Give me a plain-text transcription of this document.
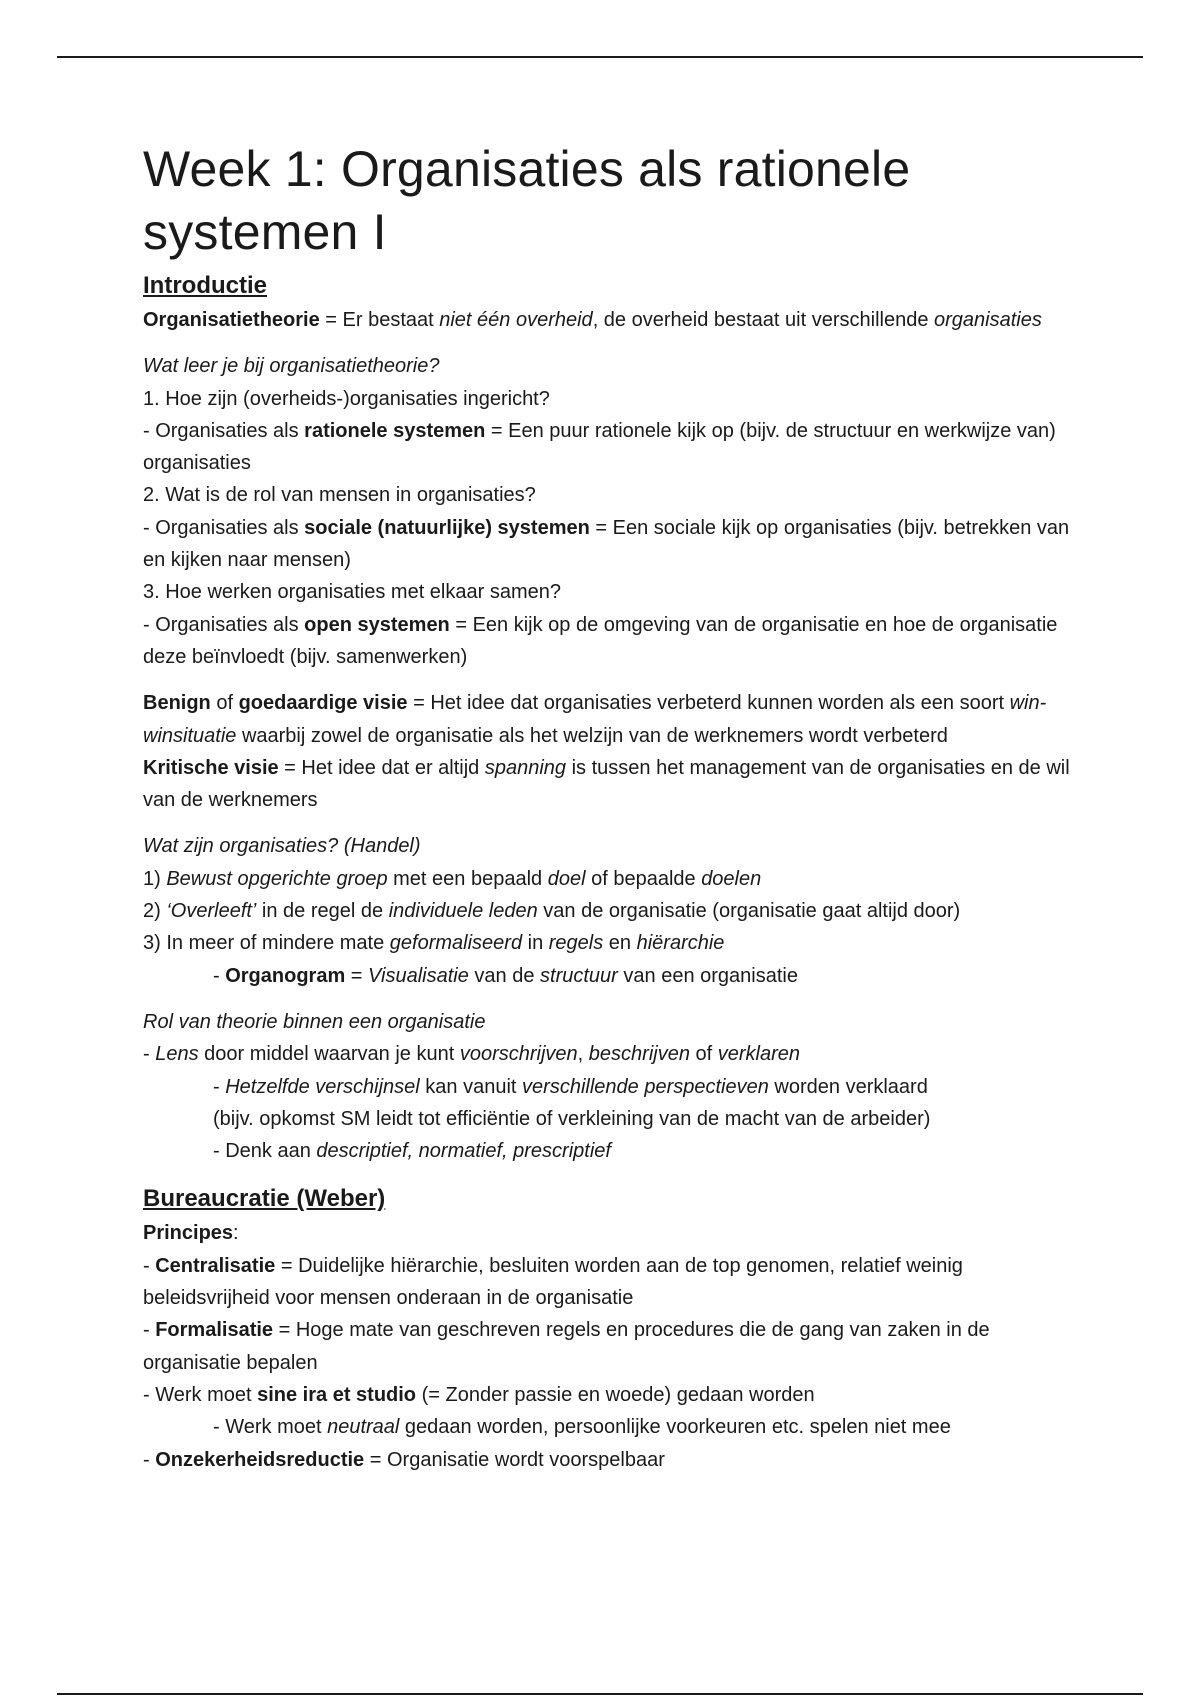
Week 1: Organisaties als rationele systemen I
Introductie

Organisatietheorie = Er bestaat niet één overheid, de overheid bestaat uit verschillende organisaties

Wat leer je bij organisatietheorie?

1. Hoe zijn (overheids-)organisaties ingericht?

- Organisaties als rationele systemen = Een puur rationele kijk op (bijv. de structuur en werkwijze van) organisaties

2. Wat is de rol van mensen in organisaties?

- Organisaties als sociale (natuurlijke) systemen = Een sociale kijk op organisaties (bijv. betrekken van en kijken naar mensen)

3. Hoe werken organisaties met elkaar samen?

- Organisaties als open systemen = Een kijk op de omgeving van de organisatie en hoe de organisatie deze beïnvloedt (bijv. samenwerken)

Benign of goedaardige visie = Het idee dat organisaties verbeterd kunnen worden als een soort win-winsituatie waarbij zowel de organisatie als het welzijn van de werknemers wordt verbeterd

Kritische visie = Het idee dat er altijd spanning is tussen het management van de organisaties en de wil van de werknemers

Wat zijn organisaties? (Handel)

1) Bewust opgerichte groep met een bepaald doel of bepaalde doelen

2) ‘Overleeft’ in de regel de individuele leden van de organisatie (organisatie gaat altijd door)

3) In meer of mindere mate geformaliseerd in regels en hiërarchie

- Organogram = Visualisatie van de structuur van een organisatie

Rol van theorie binnen een organisatie

- Lens door middel waarvan je kunt voorschrijven, beschrijven of verklaren

- Hetzelfde verschijnsel kan vanuit verschillende perspectieven worden verklaard

(bijv. opkomst SM leidt tot efficiëntie of verkleining van de macht van de arbeider)

- Denk aan descriptief, normatief, prescriptief

Bureaucratie (Weber)

Principes:

- Centralisatie = Duidelijke hiërarchie, besluiten worden aan de top genomen, relatief weinig beleidsvrijheid voor mensen onderaan in de organisatie

- Formalisatie = Hoge mate van geschreven regels en procedures die de gang van zaken in de organisatie bepalen

- Werk moet sine ira et studio (= Zonder passie en woede) gedaan worden

- Werk moet neutraal gedaan worden, persoonlijke voorkeuren etc. spelen niet mee

- Onzekerheidsreductie = Organisatie wordt voorspelbaar
